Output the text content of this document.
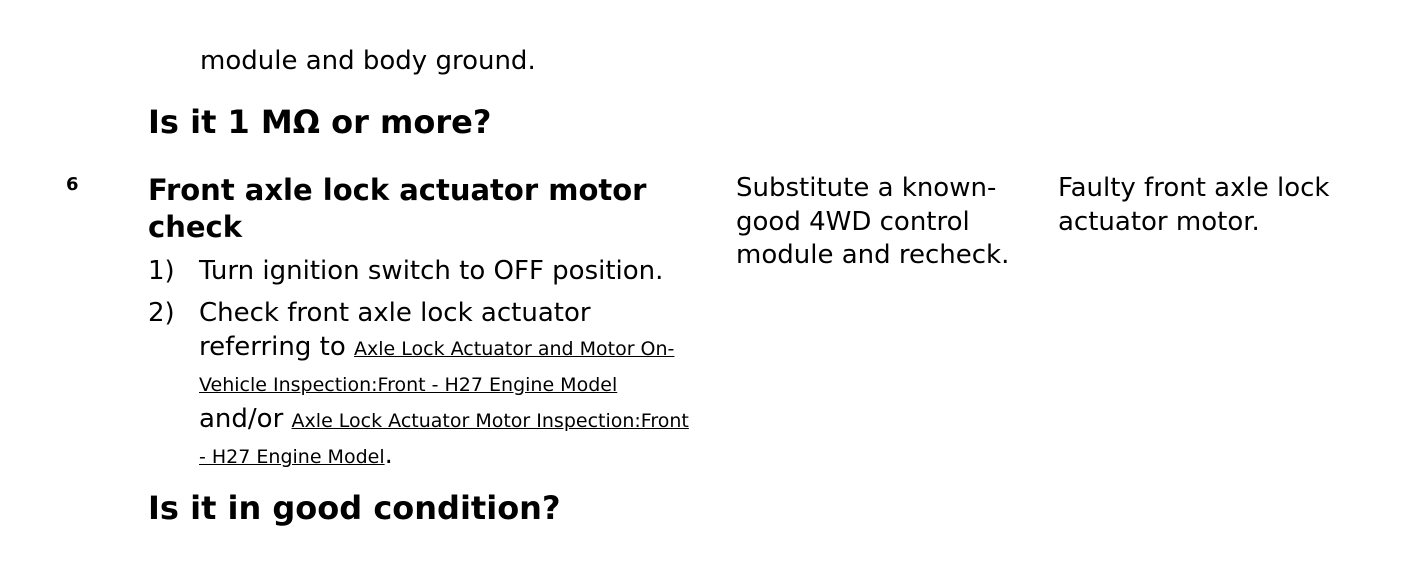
module and body ground.
Is it 1 MΩ or more?
6 Front axle lock actuator motor check
1) Turn ignition switch to OFF position.
2) Check front axle lock actuator referring to Axle Lock Actuator and Motor On-Vehicle Inspection:Front - H27 Engine Model and/or Axle Lock Actuator Motor Inspection:Front - H27 Engine Model.
Is it in good condition?
Substitute a known-good 4WD control module and recheck.
Faulty front axle lock actuator motor.
